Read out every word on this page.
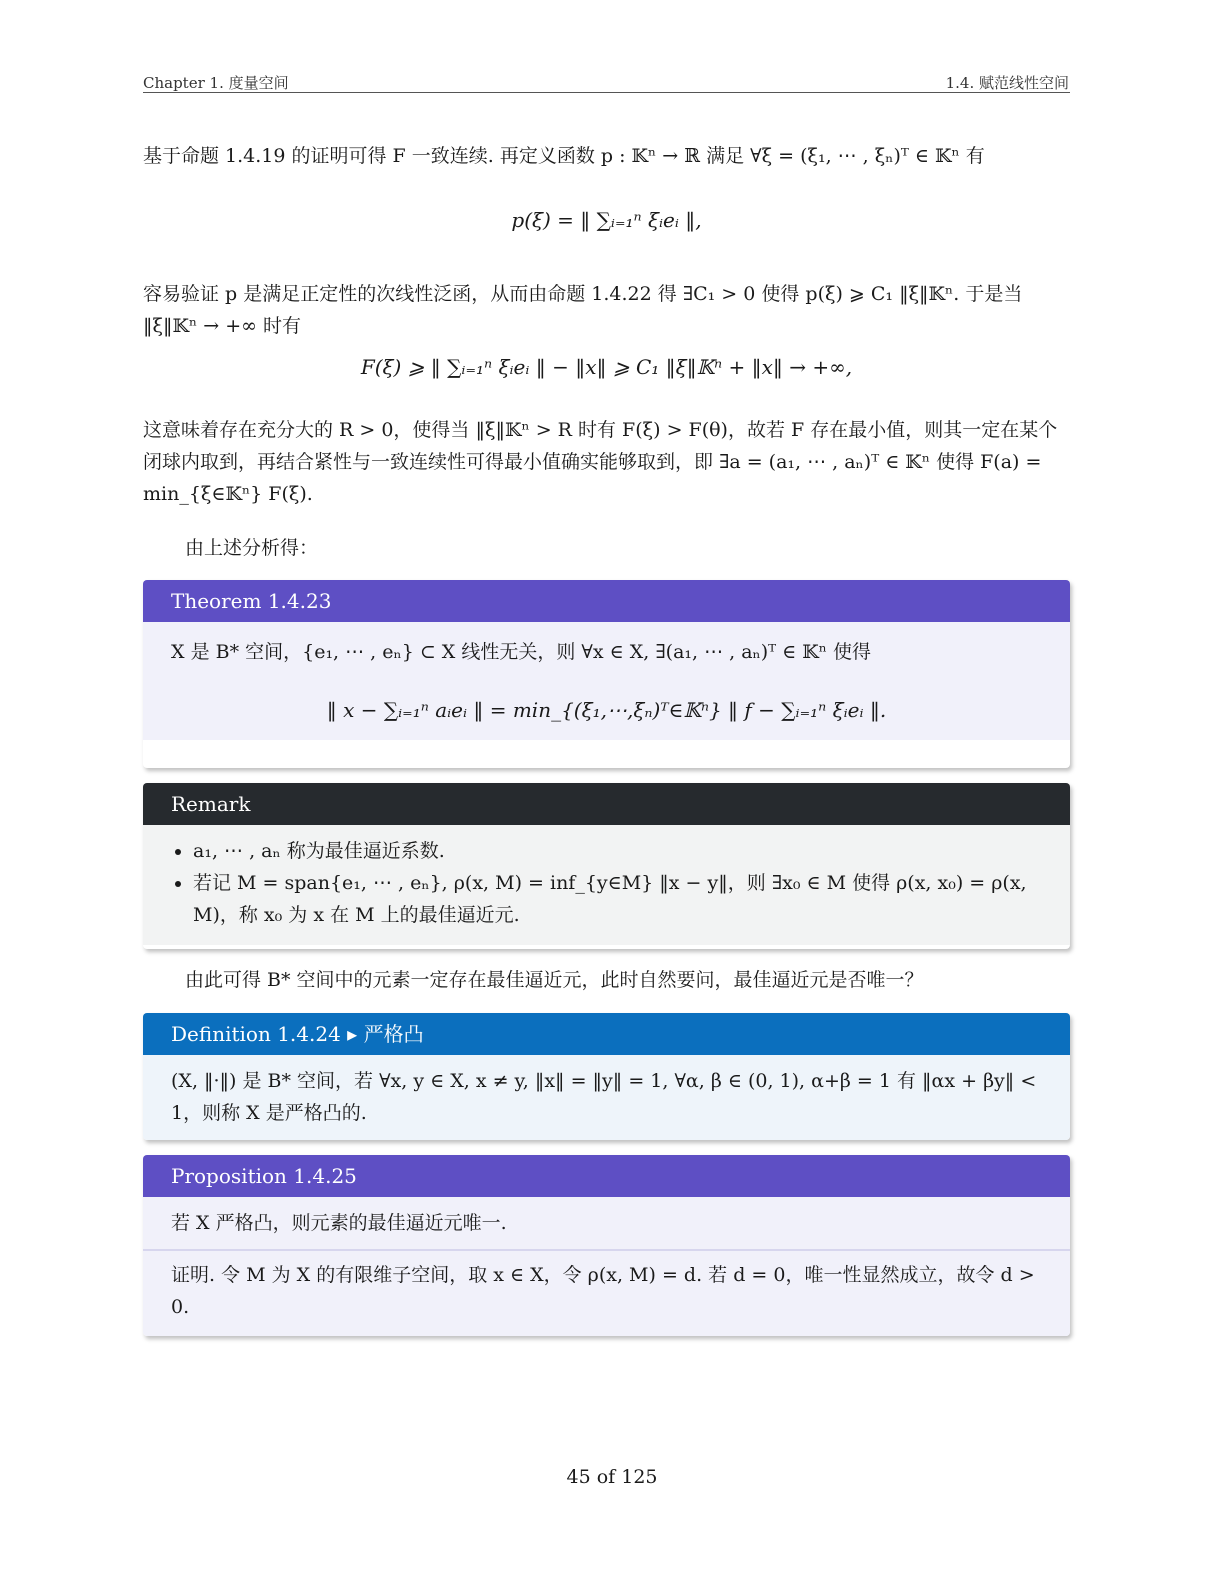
Chapter 1. 度量空间	1.4. 赋范线性空间
基于命题 1.4.19 的证明可得 F 一致连续. 再定义函数 p : 𝕂ⁿ → ℝ 满足 ∀ξ = (ξ₁, ⋯ , ξₙ)ᵀ ∈ 𝕂ⁿ 有
p(ξ) = ‖ ∑ᵢ₌₁ⁿ ξᵢeᵢ ‖,
容易验证 p 是满足正定性的次线性泛函，从而由命题 1.4.22 得 ∃C₁ > 0 使得 p(ξ) ⩾ C₁ ‖ξ‖𝕂ⁿ. 于是当 ‖ξ‖𝕂ⁿ → +∞ 时有
F(ξ) ⩾ ‖ ∑ᵢ₌₁ⁿ ξᵢeᵢ ‖ − ‖x‖ ⩾ C₁ ‖ξ‖𝕂ⁿ + ‖x‖ → +∞,
这意味着存在充分大的 R > 0，使得当 ‖ξ‖𝕂ⁿ > R 时有 F(ξ) > F(θ)，故若 F 存在最小值，则其一定在某个闭球内取到，再结合紧性与一致连续性可得最小值确实能够取到，即 ∃a = (a₁, ⋯ , aₙ)ᵀ ∈ 𝕂ⁿ 使得 F(a) = min_{ξ∈𝕂ⁿ} F(ξ).
由上述分析得：
Theorem 1.4.23
X 是 B* 空间，{e₁, ⋯ , eₙ} ⊂ X 线性无关，则 ∀x ∈ X, ∃(a₁, ⋯ , aₙ)ᵀ ∈ 𝕂ⁿ 使得
‖ x − ∑ᵢ₌₁ⁿ aᵢeᵢ ‖ = min_{(ξ₁,⋯,ξₙ)ᵀ∈𝕂ⁿ} ‖ f − ∑ᵢ₌₁ⁿ ξᵢeᵢ ‖.
Remark
• a₁, ⋯ , aₙ 称为最佳逼近系数.
• 若记 M = span{e₁, ⋯ , eₙ}, ρ(x, M) = inf_{y∈M} ‖x − y‖，则 ∃x₀ ∈ M 使得 ρ(x, x₀) = ρ(x, M)，称 x₀ 为 x 在 M 上的最佳逼近元.
由此可得 B* 空间中的元素一定存在最佳逼近元，此时自然要问，最佳逼近元是否唯一？
Definition 1.4.24 ▸ 严格凸
(X, ‖·‖) 是 B* 空间，若 ∀x, y ∈ X, x ≠ y, ‖x‖ = ‖y‖ = 1, ∀α, β ∈ (0, 1), α+β = 1 有 ‖αx + βy‖ < 1，则称 X 是严格凸的.
Proposition 1.4.25
若 X 严格凸，则元素的最佳逼近元唯一.
证明. 令 M 为 X 的有限维子空间，取 x ∈ X，令 ρ(x, M) = d. 若 d = 0，唯一性显然成立，故令 d > 0.
45 of 125
